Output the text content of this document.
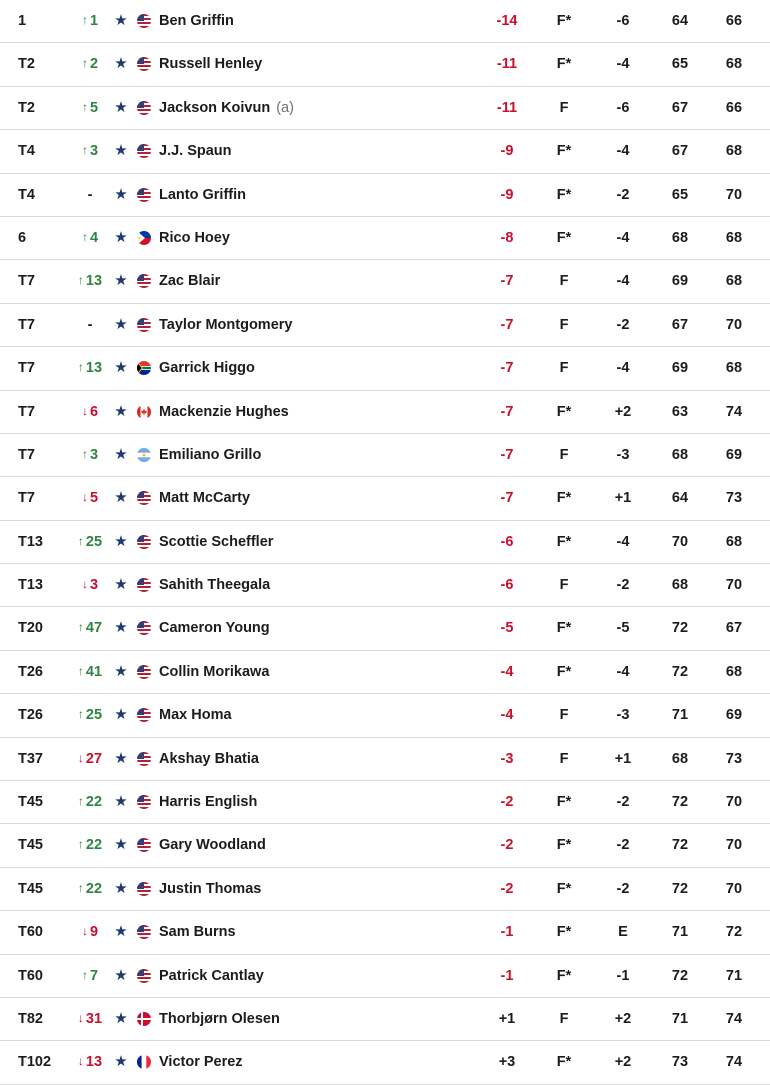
1	↑ 1	★ Ben Griffin	-14	F*	-6	64	66
T2	↑ 2	★ Russell Henley	-11	F*	-4	65	68
T2	↑ 5	★ Jackson Koivun (a)	-11	F	-6	67	66
T4	↑ 3	★ J.J. Spaun	-9	F*	-4	67	68
T4	-	★ Lanto Griffin	-9	F*	-2	65	70
6	↑ 4	★ Rico Hoey	-8	F*	-4	68	68
T7	↑ 13 ★ Zac Blair	-7	F	-4	69	68
T7	-	★ Taylor Montgomery	-7	F	-2	67	70
T7	↑ 13 ★ Garrick Higgo	-7	F	-4	69	68
T7	↓ 6	★ Mackenzie Hughes	-7	F*	+2	63	74
T7	↑ 3	★ Emiliano Grillo	-7	F	-3	68	69
T7	↓ 5	★ Matt McCarty	-7	F*	+1	64	73
T13	↑ 25 ★ Scottie Scheffler	-6	F*	-4	70	68
T13	↓ 3	★ Sahith Theegala	-6	F	-2	68	70
T20	↑ 47 ★ Cameron Young	-5	F*	-5	72	67
T26	↑ 41 ★ Collin Morikawa	-4	F*	-4	72	68
T26	↑ 25 ★ Max Homa	-4	F	-3	71	69
T37	↓ 27 ★ Akshay Bhatia	-3	F	+1	68	73
T45	↑ 22 ★ Harris English	-2	F*	-2	72	70
T45	↑ 22 ★ Gary Woodland	-2	F*	-2	72	70
T45	↑ 22 ★ Justin Thomas	-2	F*	-2	72	70
T60	↓ 9	★ Sam Burns	-1	F*	E	71	72
T60	↑ 7	★ Patrick Cantlay	-1	F*	-1	72	71
T82	↓ 31 ★ Thorbjørn Olesen	+1	F	+2	71	74
T102	↓ 13 ★ Victor Perez	+3	F*	+2	73	74
